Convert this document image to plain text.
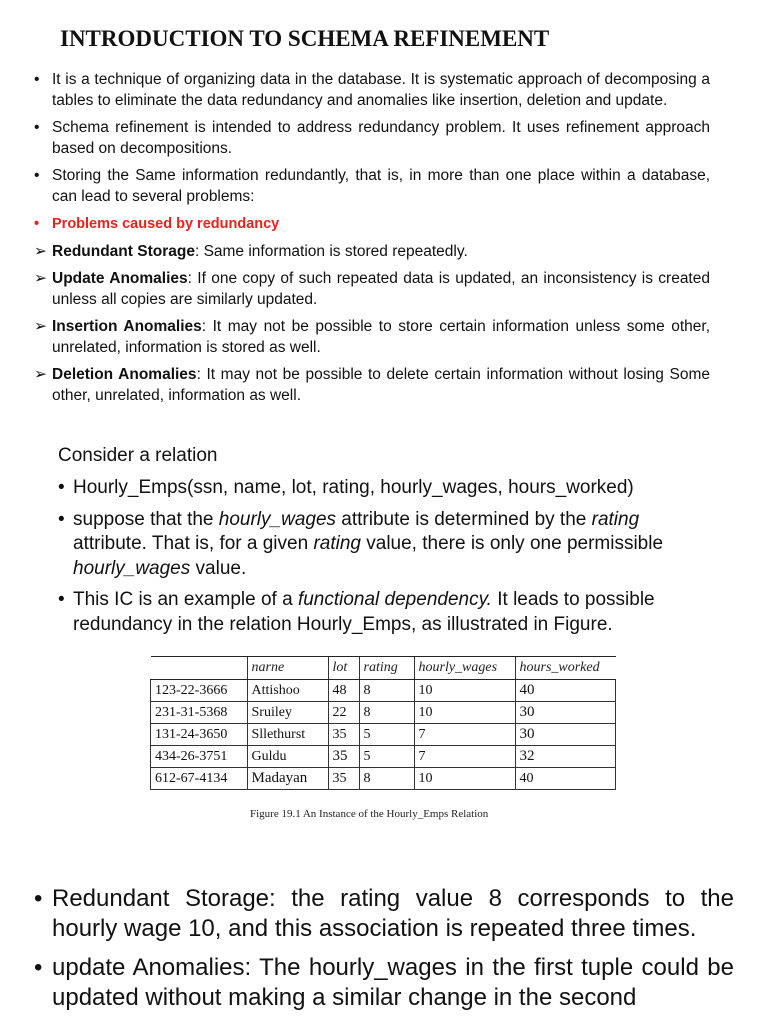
INTRODUCTION TO SCHEMA REFINEMENT
• It is a technique of organizing data in the database. It is systematic approach of decomposing a tables to eliminate the data redundancy and anomalies like insertion, deletion and update.
• Schema refinement is intended to address redundancy problem. It uses refinement approach based on decompositions.
• Storing the Same information redundantly, that is, in more than one place within a database, can lead to several problems:
• Problems caused by redundancy
➢ Redundant Storage: Same information is stored repeatedly.
➢ Update Anomalies: If one copy of such repeated data is updated, an inconsistency is created unless all copies are similarly updated.
➢ Insertion Anomalies: It may not be possible to store certain information unless some other, unrelated, information is stored as well.
➢ Deletion Anomalies: It may not be possible to delete certain information without losing Some other, unrelated, information as well.
Consider a relation
• Hourly_Emps(ssn, name, lot, rating, hourly_wages, hours_worked)
• suppose that the hourly_wages attribute is determined by the rating attribute. That is, for a given rating value, there is only one permissible hourly_wages value.
• This IC is an example of a functional dependency. It leads to possible redundancy in the relation Hourly_Emps, as illustrated in Figure.
	narne	lot	rating	hourly_wages	hours_worked
123-22-3666	Attishoo	48	8	10	40
231-31-5368	Sruiley	22	8	10	30
131-24-3650	Sllethurst	35	5	7	30
434-26-3751	Guldu	35	5	7	32
612-67-4134	Madayan	35	8	10	40
Figure 19.1 An Instance of the Hourly_Emps Relation
• Redundant Storage: the rating value 8 corresponds to the hourly wage 10, and this association is repeated three times.
• update Anomalies: The hourly_wages in the first tuple could be updated without making a similar change in the second
